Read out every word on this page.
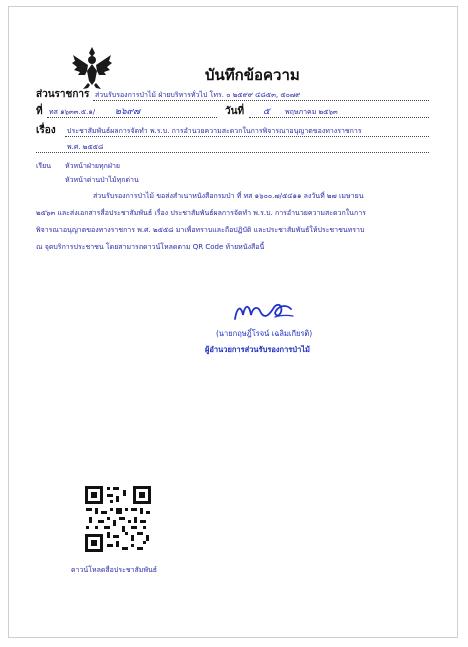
บันทึกข้อความ
ส่วนราชการ ส่วนรับรองการป่าไม้ ฝ่ายบริหารทั่วไป โทร. ๐ ๒๕๙๙ ๔๘๕๓, ๕๐๗๙
ที่ ทส ๑๖๓๓.๕.๑/ ๒๖๙๗	วันที่ ๕ พฤษภาคม ๒๕๖๓
เรื่อง ประชาสัมพันธ์ผลการจัดทำ พ.ร.บ. การอำนวยความสะดวกในการพิจารณาอนุญาตของทางราชการ
พ.ศ. ๒๕๕๘
เรียน หัวหน้าฝ่ายทุกฝ่าย
หัวหน้าด่านป่าไม้ทุกด่าน
ส่วนรับรองการป่าไม้ ขอส่งสำเนาหนังสือกรมป่า ที่ ทส ๑๖๐๐.๗/๕๔๑๑ ลงวันที่ ๒๗ เมษายน
๒๕๖๓ และส่งเอกสารสื่อประชาสัมพันธ์ เรื่อง ประชาสัมพันธ์ผลการจัดทำ พ.ร.บ. การอำนวยความสะดวกในการ
พิจารณาอนุญาตของทางราชการ พ.ศ. ๒๕๕๘ มาเพื่อทราบและถือปฏิบัติ และประชาสัมพันธ์ให้ประชาชนทราบ
ณ จุดบริการประชาชน โดยสามารถดาวน์โหลดตาม QR Code ท้ายหนังสือนี้
(นายกฤษฎิ์โรจน์ เฉลิมเกียรติ)
ผู้อำนวยการส่วนรับรองการป่าไม้
ดาวน์โหลดสื่อประชาสัมพันธ์
